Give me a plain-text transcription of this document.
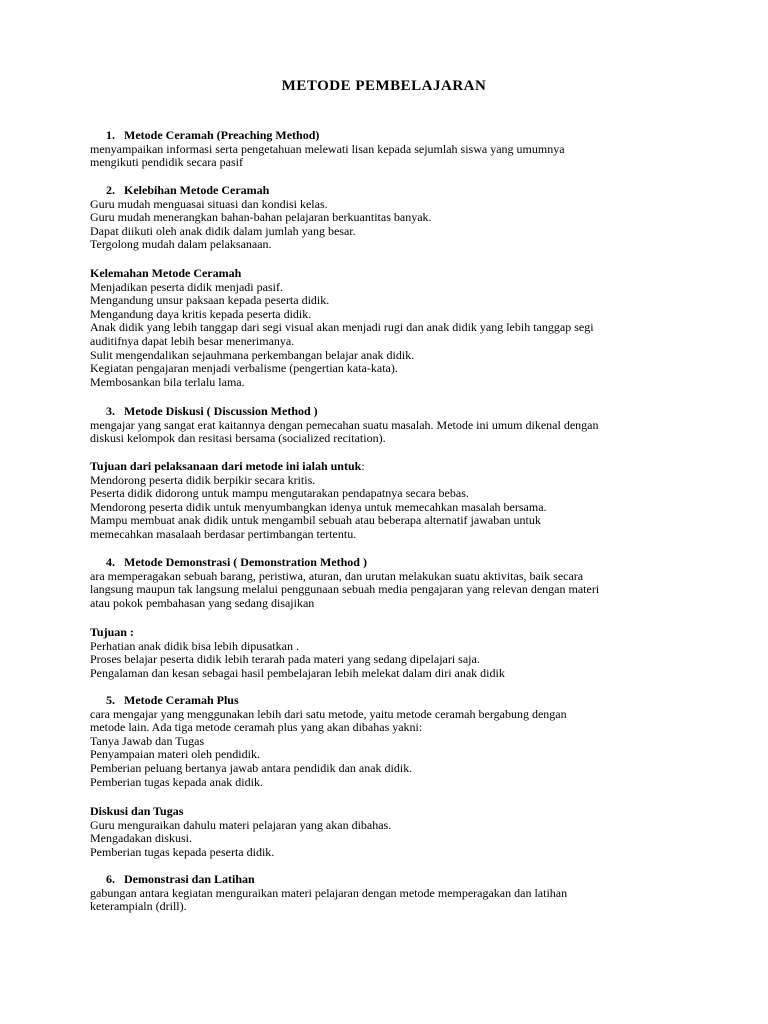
METODE PEMBELAJARAN
1. Metode Ceramah (Preaching Method)
menyampaikan informasi serta pengetahuan melewati lisan kepada sejumlah siswa yang umumnya
mengikuti pendidik secara pasif
2. Kelebihan Metode Ceramah
Guru mudah menguasai situasi dan kondisi kelas.
Guru mudah menerangkan bahan-bahan pelajaran berkuantitas banyak.
Dapat diikuti oleh anak didik dalam jumlah yang besar.
Tergolong mudah dalam pelaksanaan.
Kelemahan Metode Ceramah
Menjadikan peserta didik menjadi pasif.
Mengandung unsur paksaan kepada peserta didik.
Mengandung daya kritis kepada peserta didik.
Anak didik yang lebih tanggap dari segi visual akan menjadi rugi dan anak didik yang lebih tanggap segi
auditifnya dapat lebih besar menerimanya.
Sulit mengendalikan sejauhmana perkembangan belajar anak didik.
Kegiatan pengajaran menjadi verbalisme (pengertian kata-kata).
Membosankan bila terlalu lama.
3. Metode Diskusi ( Discussion Method )
mengajar yang sangat erat kaitannya dengan pemecahan suatu masalah. Metode ini umum dikenal dengan
diskusi kelompok dan resitasi bersama (socialized recitation).
Tujuan dari pelaksanaan dari metode ini ialah untuk:
Mendorong peserta didik berpikir secara kritis.
Peserta didik didorong untuk mampu mengutarakan pendapatnya secara bebas.
Mendorong peserta didik untuk menyumbangkan idenya untuk memecahkan masalah bersama.
Mampu membuat anak didik untuk mengambil sebuah atau beberapa alternatif jawaban untuk
memecahkan masalaah berdasar pertimbangan tertentu.
4. Metode Demonstrasi ( Demonstration Method )
ara memperagakan sebuah barang, peristiwa, aturan, dan urutan melakukan suatu aktivitas, baik secara
langsung maupun tak langsung melalui penggunaan sebuah media pengajaran yang relevan dengan materi
atau pokok pembahasan yang sedang disajikan
Tujuan :
Perhatian anak didik bisa lebih dipusatkan .
Proses belajar peserta didik lebih terarah pada materi yang sedang dipelajari saja.
Pengalaman dan kesan sebagai hasil pembelajaran lebih melekat dalam diri anak didik
5. Metode Ceramah Plus
cara mengajar yang menggunakan lebih dari satu metode, yaitu metode ceramah bergabung dengan
metode lain. Ada tiga metode ceramah plus yang akan dibahas yakni:
Tanya Jawab dan Tugas
Penyampaian materi oleh pendidik.
Pemberian peluang bertanya jawab antara pendidik dan anak didik.
Pemberian tugas kepada anak didik.
Diskusi dan Tugas
Guru menguraikan dahulu materi pelajaran yang akan dibahas.
Mengadakan diskusi.
Pemberian tugas kepada peserta didik.
6. Demonstrasi dan Latihan
gabungan antara kegiatan menguraikan materi pelajaran dengan metode memperagakan dan latihan
keterampialn (drill).
